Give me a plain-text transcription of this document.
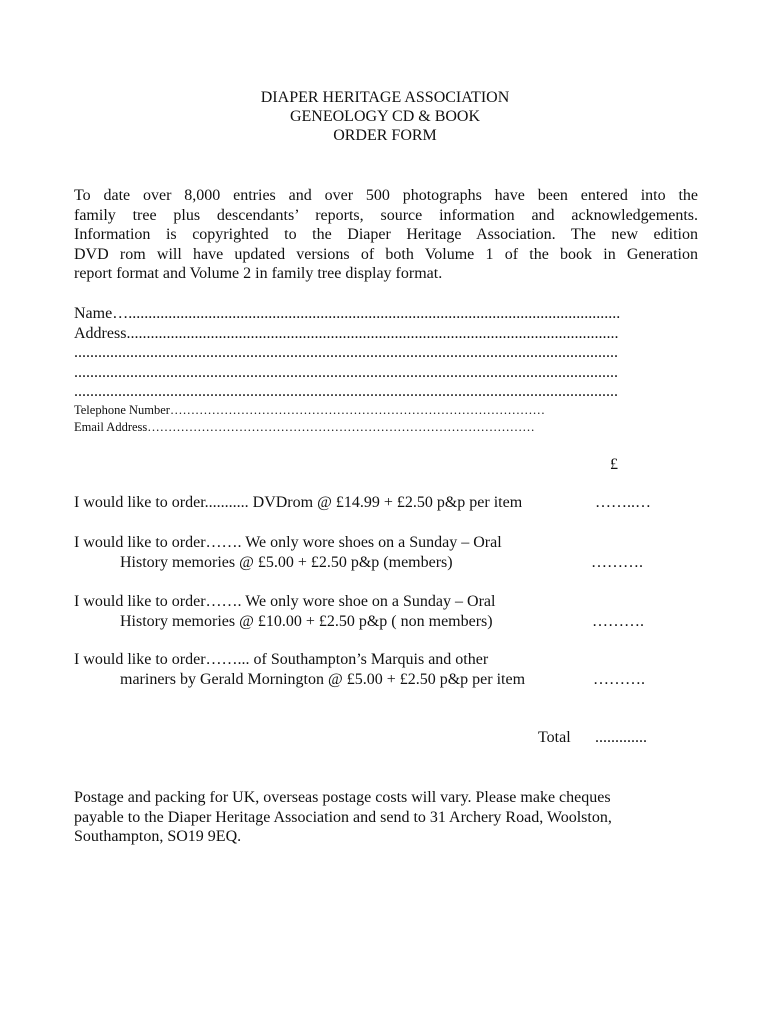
DIAPER HERITAGE ASSOCIATION
GENEOLOGY CD & BOOK
ORDER FORM
To date over 8,000 entries and over 500 photographs have been entered into the
family tree plus descendants’ reports, source information and acknowledgements.
Information is copyrighted to the Diaper Heritage Association. The new edition
DVD rom will have updated versions of both Volume 1 of the book in Generation
report format and Volume 2 in family tree display format.
Name…...........................................................................................................................
Address...........................................................................................................................
........................................................................................................................................
........................................................................................................................................
........................................................................................................................................
Telephone Number………………………………………………………………………………
Email Address…………………………………………………………………………………
£
I would like to order........... DVDrom @ £14.99 + £2.50 p&p per item	……..…
I would like to order……. We only wore shoes on a Sunday – Oral
History memories @ £5.00 + £2.50 p&p (members)	……….
I would like to order……. We only wore shoe on a Sunday – Oral
History memories @ £10.00 + £2.50 p&p ( non members)	……….
I would like to order……... of Southampton’s Marquis and other
mariners by Gerald Mornington @ £5.00 + £2.50 p&p per item	……….
Total .............
Postage and packing for UK, overseas postage costs will vary. Please make cheques
payable to the Diaper Heritage Association and send to 31 Archery Road, Woolston,
Southampton, SO19 9EQ.
